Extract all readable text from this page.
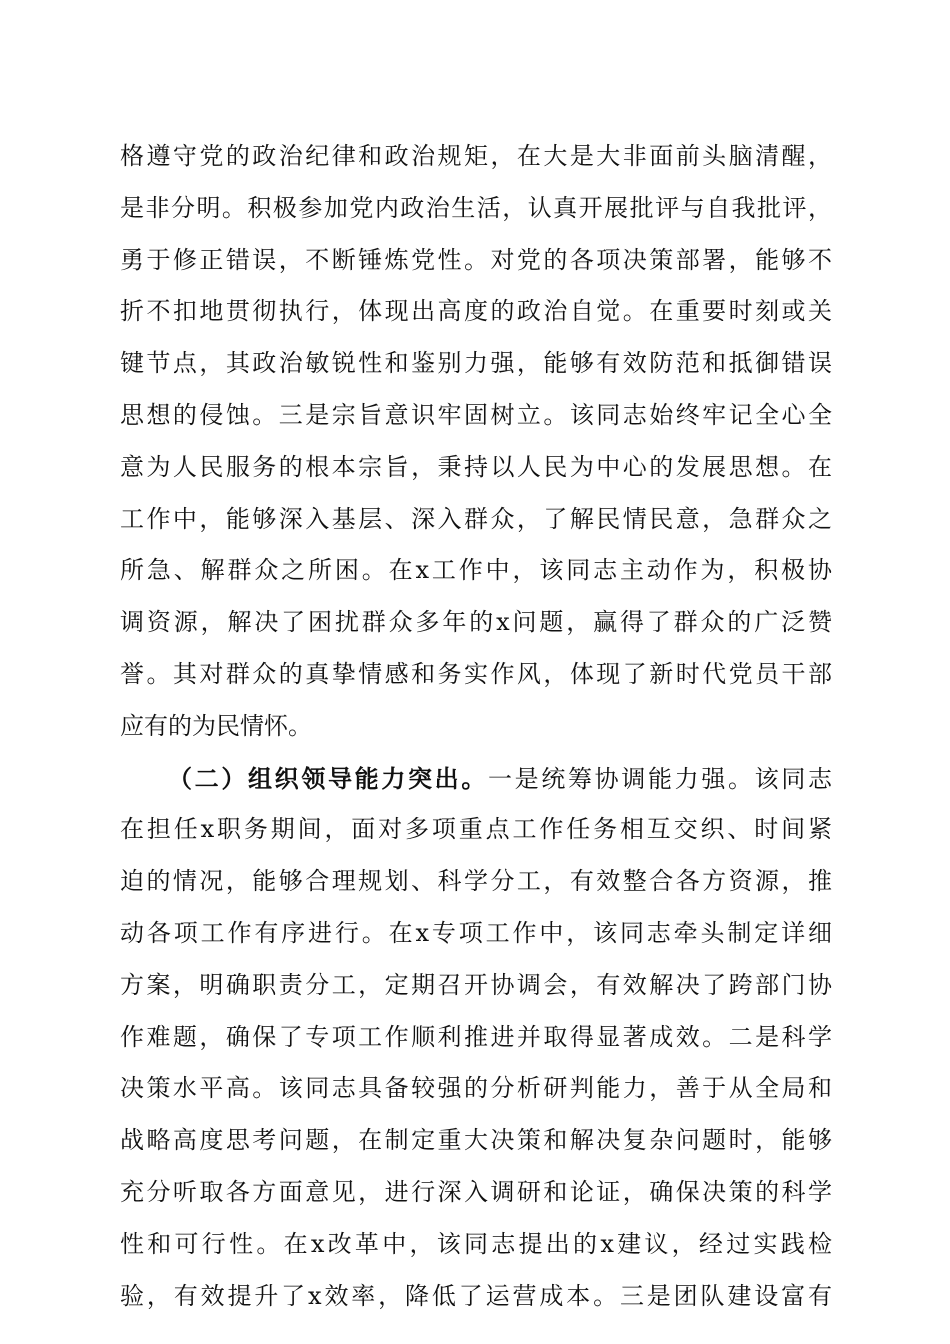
格遵守党的政治纪律和政治规矩，在大是大非面前头脑清醒，
是非分明。积极参加党内政治生活，认真开展批评与自我批评，
勇于修正错误，不断锤炼党性。对党的各项决策部署，能够不
折不扣地贯彻执行，体现出高度的政治自觉。在重要时刻或关
键节点，其政治敏锐性和鉴别力强，能够有效防范和抵御错误
思想的侵蚀。三是宗旨意识牢固树立。该同志始终牢记全心全
意为人民服务的根本宗旨，秉持以人民为中心的发展思想。在
工作中，能够深入基层、深入群众，了解民情民意，急群众之
所急、解群众之所困。在x工作中，该同志主动作为，积极协
调资源，解决了困扰群众多年的x问题，赢得了群众的广泛赞
誉。其对群众的真挚情感和务实作风，体现了新时代党员干部
应有的为民情怀。
（二）组织领导能力突出。一是统筹协调能力强。该同志
在担任x职务期间，面对多项重点工作任务相互交织、时间紧
迫的情况，能够合理规划、科学分工，有效整合各方资源，推
动各项工作有序进行。在x专项工作中，该同志牵头制定详细
方案，明确职责分工，定期召开协调会，有效解决了跨部门协
作难题，确保了专项工作顺利推进并取得显著成效。二是科学
决策水平高。该同志具备较强的分析研判能力，善于从全局和
战略高度思考问题，在制定重大决策和解决复杂问题时，能够
充分听取各方面意见，进行深入调研和论证，确保决策的科学
性和可行性。在x改革中，该同志提出的x建议，经过实践检
验，有效提升了x效率，降低了运营成本。三是团队建设富有
